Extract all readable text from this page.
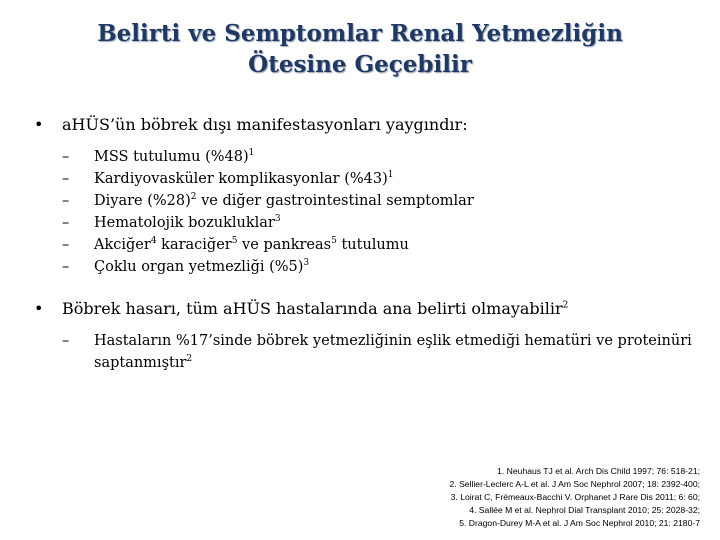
Belirti ve Semptomlar Renal Yetmezliğin
Ötesine Geçebilir
•	aHÜS’ün böbrek dışı manifestasyonları yaygındır:
–	MSS tutulumu $(\%48)^1$
–	Kardiyovasküler komplikasyonlar $(\%43)^1$
–	Diyare $(\%28)^2$ ve diğer gastrointestinal semptomlar
–	Hematolojik bozukluklar$^3$
–	Akciğer$^4$ karaciğer$^5$ ve pankreas$^5$ tutulumu
–	Çoklu organ yetmezliği $(\%5)^3$
•	Böbrek hasarı, tüm aHÜS hastalarında ana belirti olmayabilir$^2$
–	Hastaların %17’sinde böbrek yetmezliğinin eşlik etmediği hematüri ve proteinüri saptanmıştır$^2$
1. Neuhaus TJ et al. Arch Dis Child 1997; 76: 518-21;
2. Sellier-Leclerc A-L et al. J Am Soc Nephrol 2007; 18: 2392-400;
3. Loirat C, Frémeaux-Bacchi V. Orphanet J Rare Dis 2011; 6: 60;
4. Sallée M et al. Nephrol Dial Transplant 2010; 25: 2028-32;
5. Dragon-Durey M-A et al. J Am Soc Nephrol 2010; 21: 2180-7
